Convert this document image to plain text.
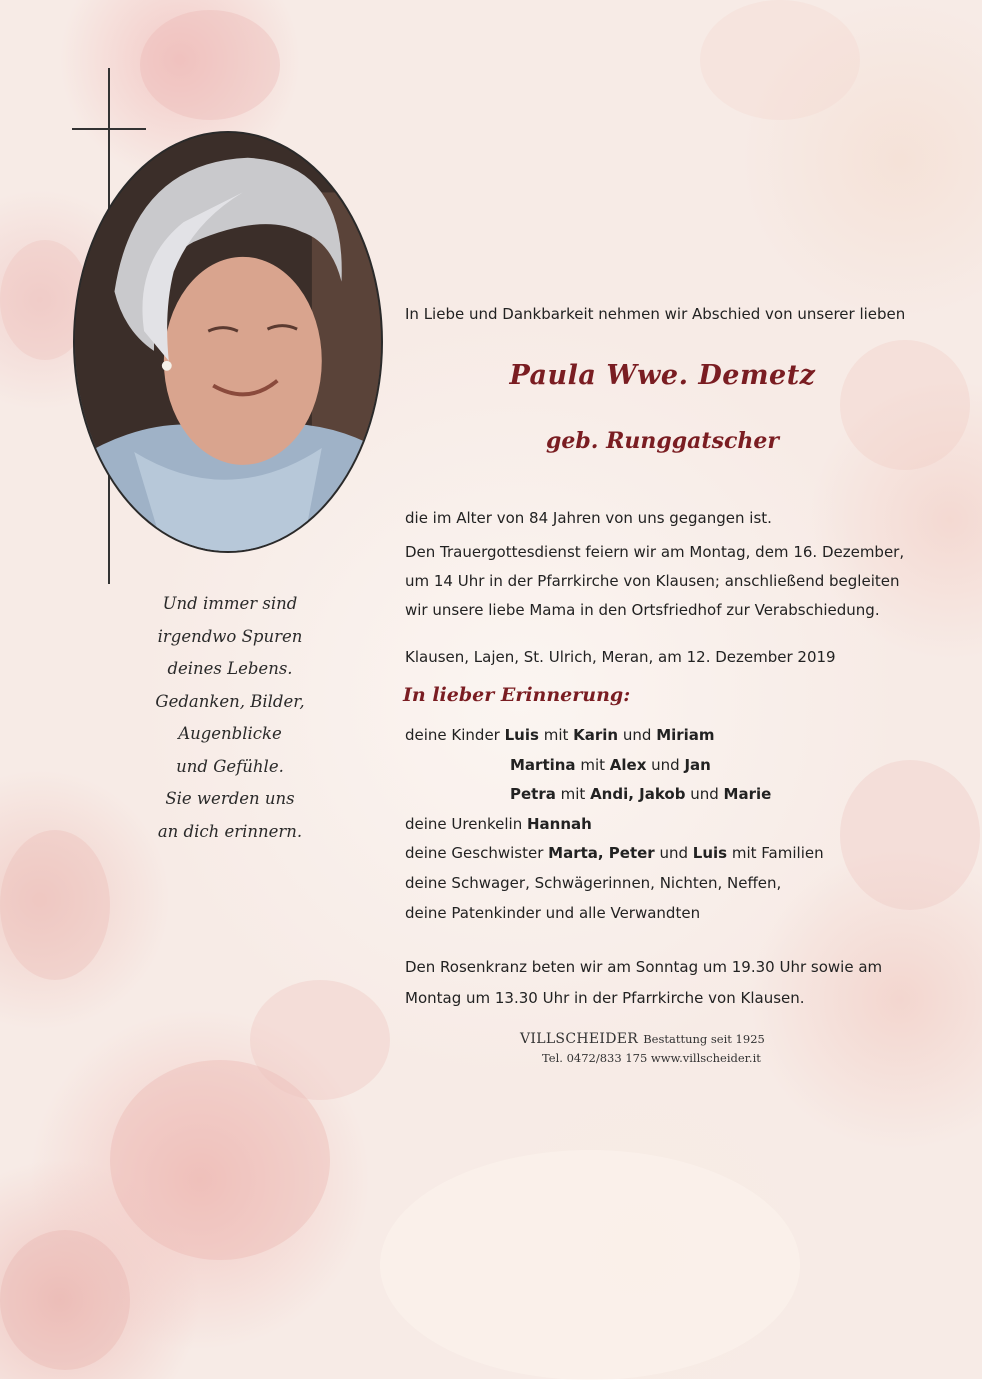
Und immer sind
irgendwo Spuren
deines Lebens.
Gedanken, Bilder,
Augenblicke
und Gefühle.
Sie werden uns
an dich erinnern.
In Liebe und Dankbarkeit nehmen wir Abschied von unserer lieben
Paula Wwe. Demetz
geb. Runggatscher
die im Alter von 84 Jahren von uns gegangen ist.
Den Trauergottesdienst feiern wir am Montag, dem 16. Dezember,
um 14 Uhr in der Pfarrkirche von Klausen; anschließend begleiten
wir unsere liebe Mama in den Ortsfriedhof zur Verabschiedung.
Klausen, Lajen, St. Ulrich, Meran, am 12. Dezember 2019
In lieber Erinnerung:
deine Kinder Luis mit Karin und Miriam
Martina mit Alex und Jan
Petra mit Andi, Jakob und Marie
deine Urenkelin Hannah
deine Geschwister Marta, Peter und Luis mit Familien
deine Schwager, Schwägerinnen, Nichten, Neffen,
deine Patenkinder und alle Verwandten
Den Rosenkranz beten wir am Sonntag um 19.30 Uhr sowie am
Montag um 13.30 Uhr in der Pfarrkirche von Klausen.
VILLSCHEIDER Bestattung seit 1925
Tel. 0472/833 175 www.villscheider.it
